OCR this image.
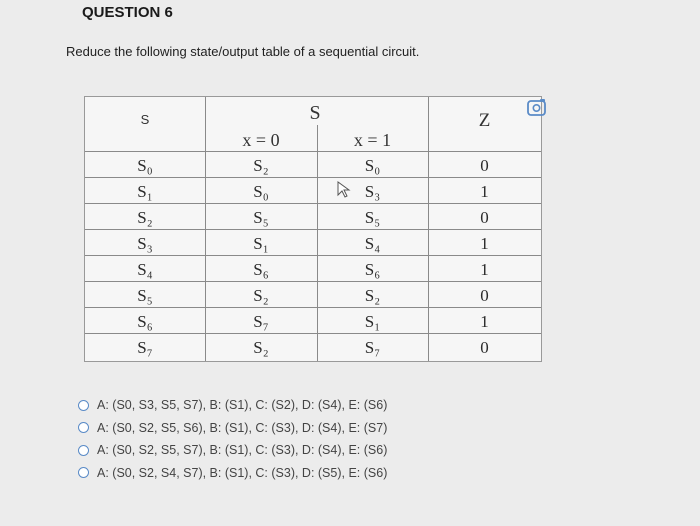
QUESTION 6
Reduce the following state/output table of a sequential circuit.
S	S
x = 0	x = 1
Z
S₀	S₂	S₀	0
S₁	S₀	S₃	1
S₂	S₅	S₅	0
S₃	S₁	S₄	1
S₄	S₆	S₆	1
S₅	S₂	S₂	0
S₆	S₇	S₁	1
S₇	S₂	S₇	0
A: (S0, S3, S5, S7), B: (S1), C: (S2), D: (S4), E: (S6)
A: (S0, S2, S5, S6), B: (S1), C: (S3), D: (S4), E: (S7)
A: (S0, S2, S5, S7), B: (S1), C: (S3), D: (S4), E: (S6)
A: (S0, S2, S4, S7), B: (S1), C: (S3), D: (S5), E: (S6)
